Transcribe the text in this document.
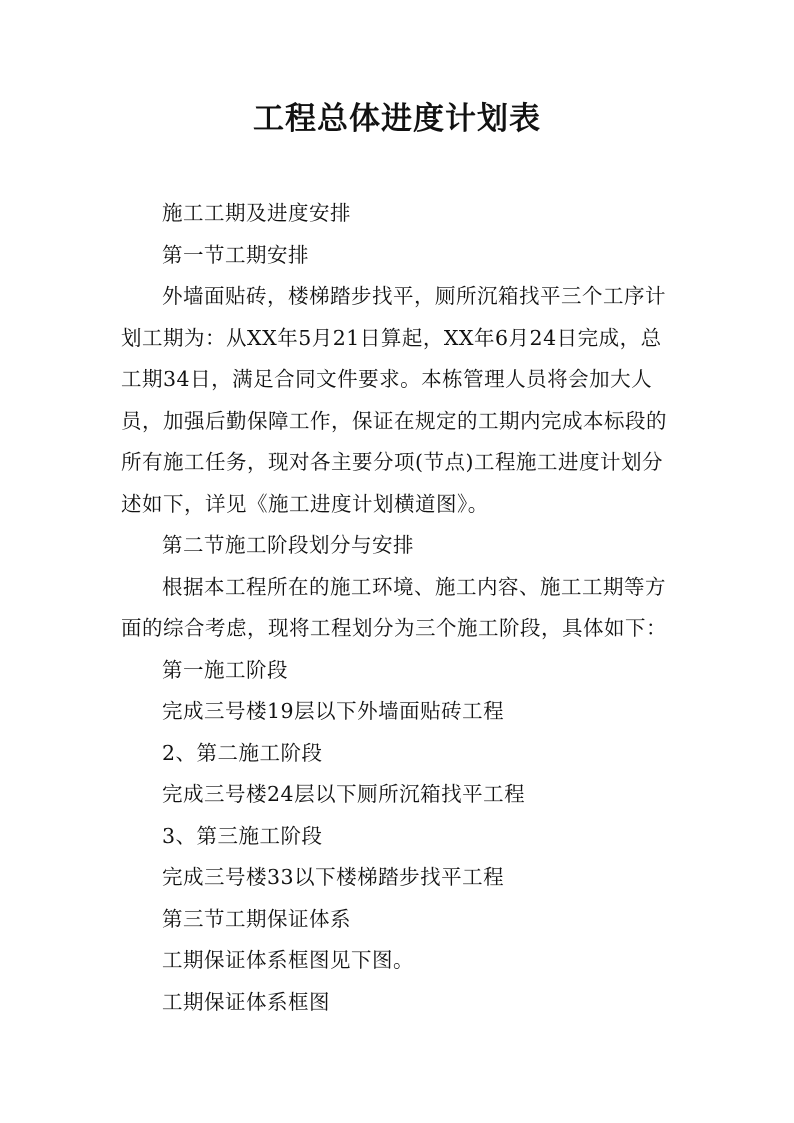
工程总体进度计划表

施工工期及进度安排

第一节工期安排

外墙面贴砖，楼梯踏步找平，厕所沉箱找平三个工序计划工期为：从XX年5月21日算起，XX年6月24日完成，总工期34日，满足合同文件要求。本栋管理人员将会加大人员，加强后勤保障工作，保证在规定的工期内完成本标段的所有施工任务，现对各主要分项(节点)工程施工进度计划分述如下，详见《施工进度计划横道图》。

第二节施工阶段划分与安排

根据本工程所在的施工环境、施工内容、施工工期等方面的综合考虑，现将工程划分为三个施工阶段，具体如下：

第一施工阶段

完成三号楼19层以下外墙面贴砖工程

2、第二施工阶段

完成三号楼24层以下厕所沉箱找平工程

3、第三施工阶段

完成三号楼33以下楼梯踏步找平工程

第三节工期保证体系

工期保证体系框图见下图。

工期保证体系框图
